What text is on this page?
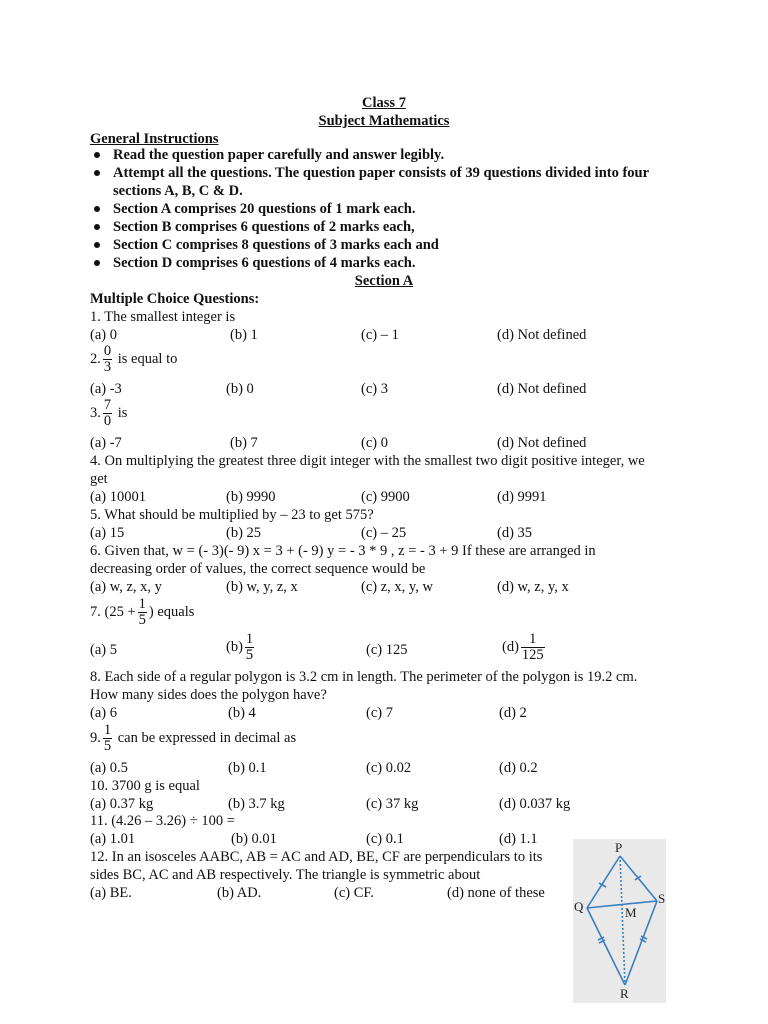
Class 7
Subject Mathematics
General Instructions
Read the question paper carefully and answer legibly.
Attempt all the questions. The question paper consists of 39 questions divided into four
sections A, B, C & D.
Section A comprises 20 questions of 1 mark each.
Section B comprises 6 questions of 2 marks each,
Section C comprises 8 questions of 3 marks each and
Section D comprises 6 questions of 4 marks each.
Section A
Multiple Choice Questions:
1. The smallest integer is
(a) 0	(b) 1	(c) – 1	(d) Not defined
2. $\frac{0}{3}$ is equal to
(a) -3	(b) 0	(c) 3	(d) Not defined
3. $\frac{7}{0}$ is
(a) -7	(b) 7	(c) 0	(d) Not defined
4. On multiplying the greatest three digit integer with the smallest two digit positive integer, we
get
(a) 10001	(b) 9990	(c) 9900	(d) 9991
5. What should be multiplied by – 23 to get 575?
(a) 15	(b) 25	(c) – 25	(d) 35
6. Given that, w = (- 3)(- 9) x = 3 + (- 9) y = - 3 * 9 , z = - 3 + 9 If these are arranged in
decreasing order of values, the correct sequence would be
(a) w, z, x, y	(b) w, y, z, x	(c) z, x, y, w	(d) w, z, y, x
7. ($25 + \frac{1}{5}$ ) equals
(a) 5	$(b) \frac{1}{5}$	(c) 125	$(d) \frac{1}{125}$
8. Each side of a regular polygon is 3.2 cm in length. The perimeter of the polygon is 19.2 cm.
How many sides does the polygon have?
(a) 6	(b) 4	(c) 7	(d) 2
9. $\frac{1}{5}$ can be expressed in decimal as
(a) 0.5	(b) 0.1	(c) 0.02	(d) 0.2
10. 3700 g is equal
(a) 0.37 kg	(b) 3.7 kg	(c) 37 kg	(d) 0.037 kg
11. (4.26 – 3.26) ÷ 100 =
(a) 1.01	(b) 0.01	(c) 0.1	(d) 1.1
12. In an isosceles AABC, AB = AC and AD, BE, CF are perpendiculars to its
sides BC, AC and AB respectively. The triangle is symmetric about
(a) BE.	(b) AD.	(c) CF.	(d) none of these
P
Q
S
M
R
